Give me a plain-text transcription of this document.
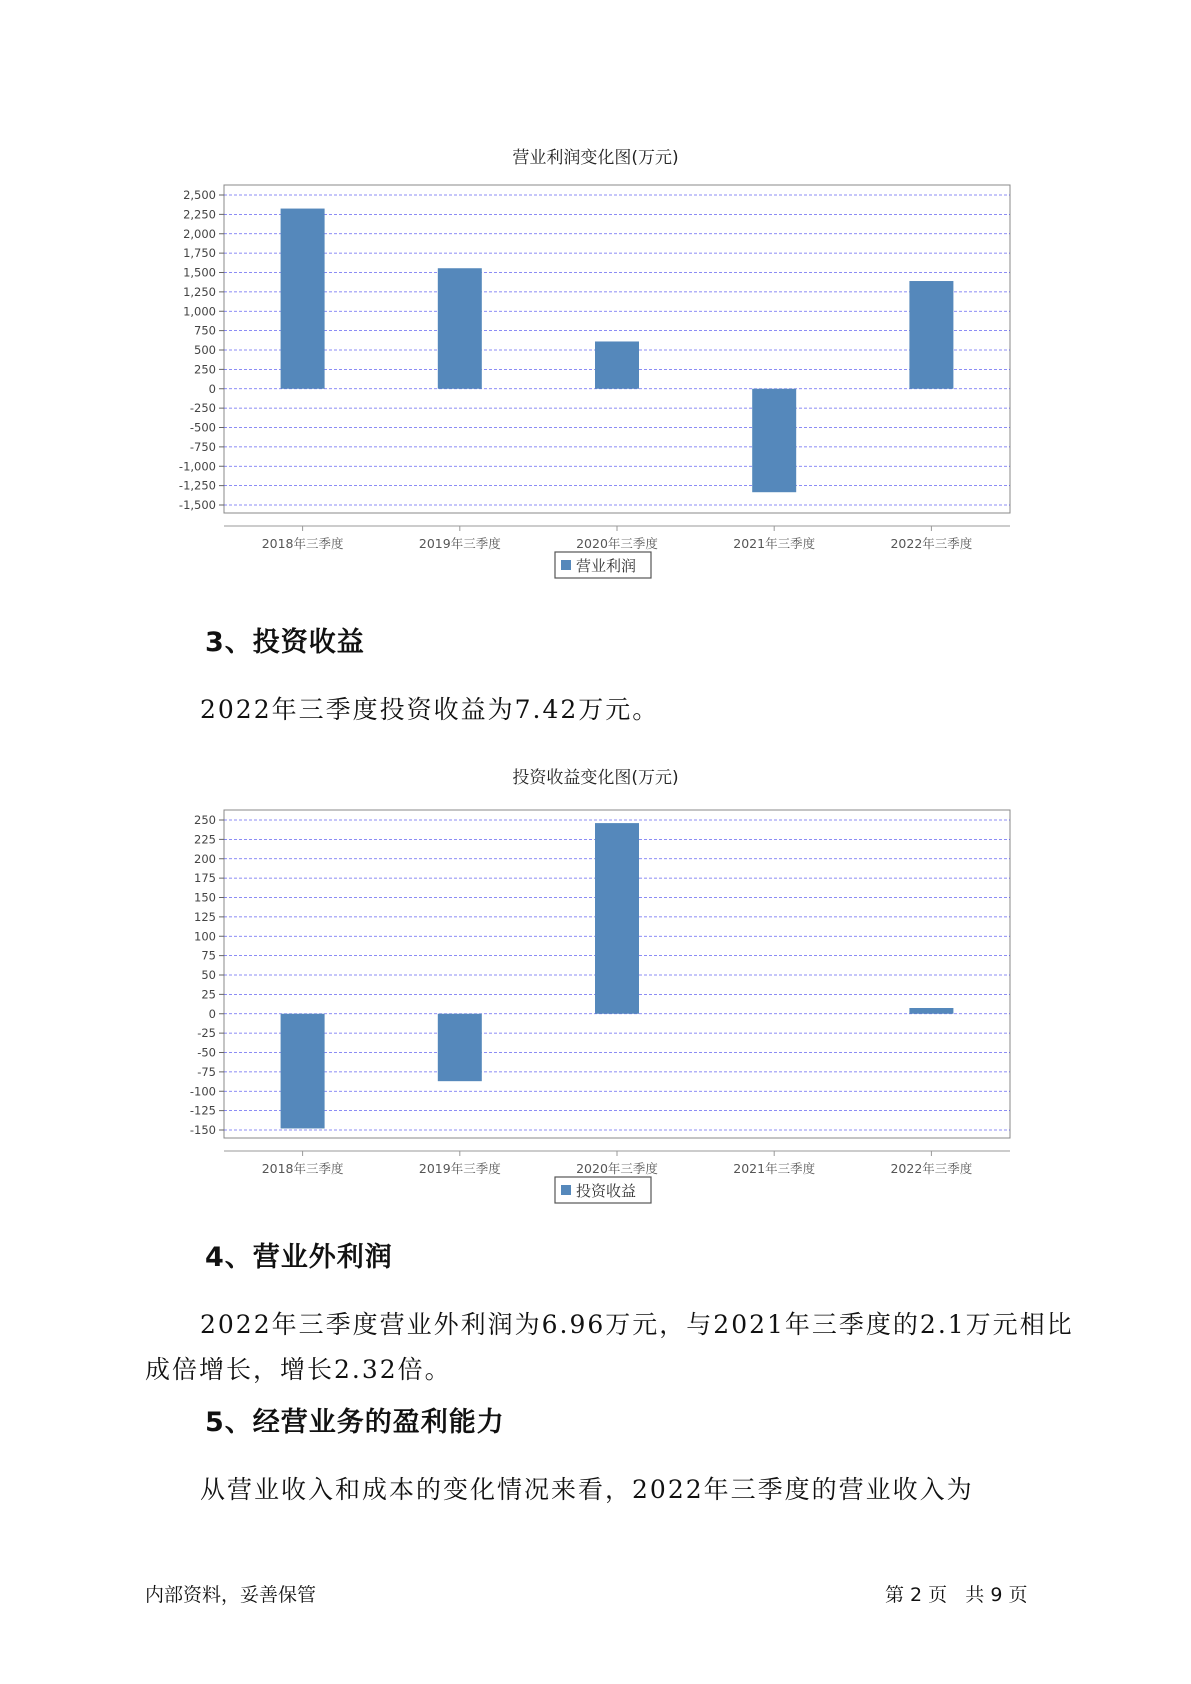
营业利润变化图(万元)
2,500
2,250
2,000
1,750
1,500
1,250
1,000
750
500
250
0
-250
-500
-750
-1,000
-1,250
-1,500
2018年三季度	2019年三季度	2020年三季度	2021年三季度	2022年三季度
营业利润
3、投资收益
2022年三季度投资收益为7.42万元。
投资收益变化图(万元)
250
225
200
175
150
125
100
75
50
25
0
-25
-50
-75
-100
-125
-150
2018年三季度	2019年三季度	2020年三季度	2021年三季度	2022年三季度
投资收益
4、营业外利润
2022年三季度营业外利润为6.96万元，与2021年三季度的2.1万元相比
成倍增长，增长2.32倍。
5、经营业务的盈利能力
从营业收入和成本的变化情况来看，2022年三季度的营业收入为
内部资料，妥善保管	第 2 页   共 9 页
